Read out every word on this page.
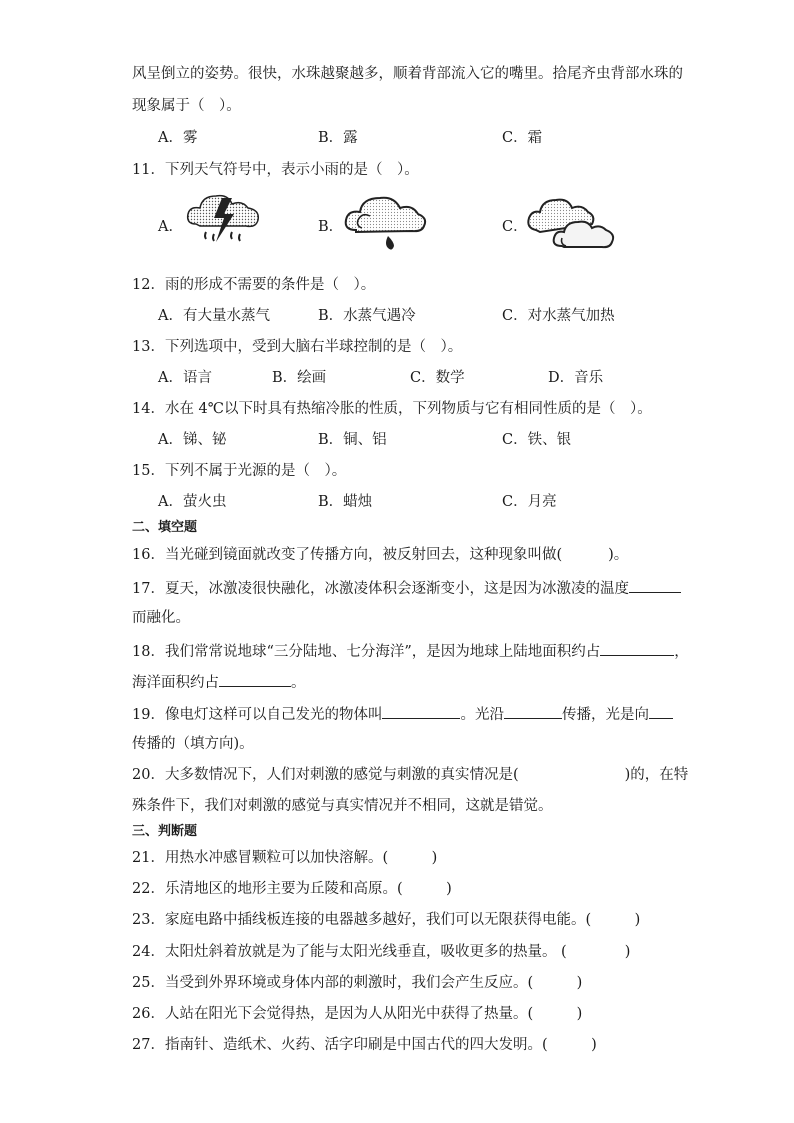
风呈倒立的姿势。很快，水珠越聚越多，顺着背部流入它的嘴里。拾尾齐虫背部水珠的
现象属于（　）。
A．雾	B．露	C．霜
11．下列天气符号中，表示小雨的是（　）。
A．	B．	C．
12．雨的形成不需要的条件是（　）。
A．有大量水蒸气	B．水蒸气遇冷	C．对水蒸气加热
13．下列选项中，受到大脑右半球控制的是（　）。
A．语言	B．绘画	C．数学	D．音乐
14．水在 4℃以下时具有热缩冷胀的性质，下列物质与它有相同性质的是（　）。
A．锑、铋	B．铜、铝	C．铁、银
15．下列不属于光源的是（　）。
A．萤火虫	B．蜡烛	C．月亮
二、填空题
16．当光碰到镜面就改变了传播方向，被反射回去，这种现象叫做(	)。
17．夏天，冰激凌很快融化，冰激凌体积会逐渐变小，这是因为冰激凌的温度
而融化。
18．我们常常说地球“三分陆地、七分海洋”，是因为地球上陆地面积约占	，
海洋面积约占	。
19．像电灯这样可以自己发光的物体叫	。光沿	传播，光是向
传播的（填方向)。
20．大多数情况下，人们对刺激的感觉与刺激的真实情况是(	)的，在特
殊条件下，我们对刺激的感觉与真实情况并不相同，这就是错觉。
三、判断题
21．用热水冲感冒颗粒可以加快溶解。(　　　)
22．乐清地区的地形主要为丘陵和高原。(　　　)
23．家庭电路中插线板连接的电器越多越好，我们可以无限获得电能。(　　　)
24．太阳灶斜着放就是为了能与太阳光线垂直，吸收更多的热量。 (　　　　)
25．当受到外界环境或身体内部的刺激时，我们会产生反应。(　　　)
26．人站在阳光下会觉得热，是因为人从阳光中获得了热量。(　　　)
27．指南针、造纸术、火药、活字印刷是中国古代的四大发明。(　　　)
